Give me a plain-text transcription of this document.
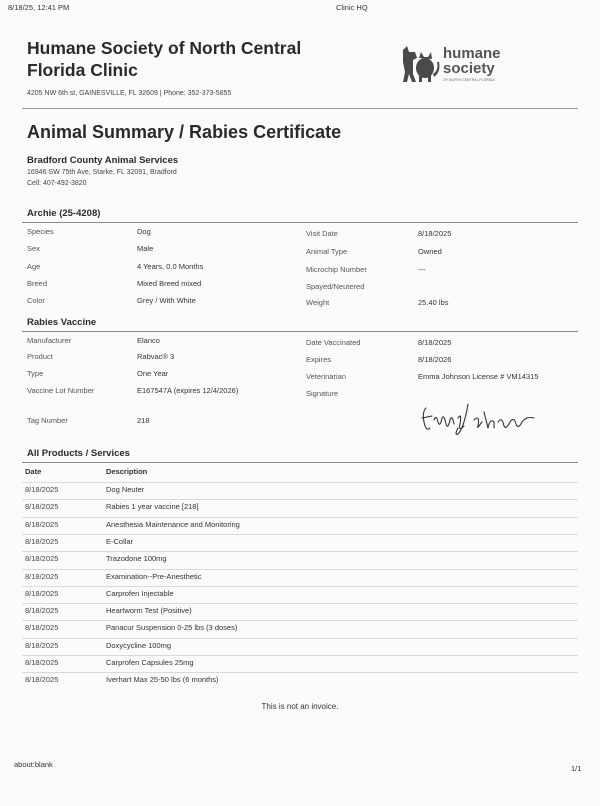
8/18/25, 12:41 PM	Clinic HQ
about:blank	1/1
Humane Society of North Central Florida Clinic
4205 NW 6th st, GAINESVILLE, FL 32609 | Phone: 352-373-5855
humane
society
OF NORTH CENTRAL FLORIDA
Animal Summary / Rabies Certificate
Bradford County Animal Services
16946 SW 75th Ave, Starke, FL 32091, Bradford
Cell: 407-492-3820
Archie (25-4208)
Species	Dog
Sex	Male
Age	4 Years, 0.0 Months
Breed	Mixed Breed mixed
Color	Grey / With White
Visit Date	8/18/2025
Animal Type	Owned
Microchip Number	---
Spayed/Neutered
Weight	25.40 lbs
Rabies Vaccine
Manufacturer	Elanco
Product	Rabvac® 3
Type	One Year
Vaccine Lot Number	E167547A (expires 12/4/2026)
Tag Number	218
Date Vaccinated	8/18/2025
Expires	8/18/2026
Veterinarian	Emma Johnson License # VM14315
Signature
All Products / Services
Date	Description
8/18/2025	Dog Neuter
8/18/2025	Rabies 1 year vaccine [218]
8/18/2025	Anesthesia Maintenance and Monitoring
8/18/2025	E-Collar
8/18/2025	Trazodone 100mg
8/18/2025	Examination--Pre-Anesthetic
8/18/2025	Carprofen Injectable
8/18/2025	Heartworm Test (Positive)
8/18/2025	Panacur Suspension 0-25 lbs (3 doses)
8/18/2025	Doxycycline 100mg
8/18/2025	Carprofen Capsules 25mg
8/18/2025	Iverhart Max 25-50 lbs (6 months)
This is not an invoice.
